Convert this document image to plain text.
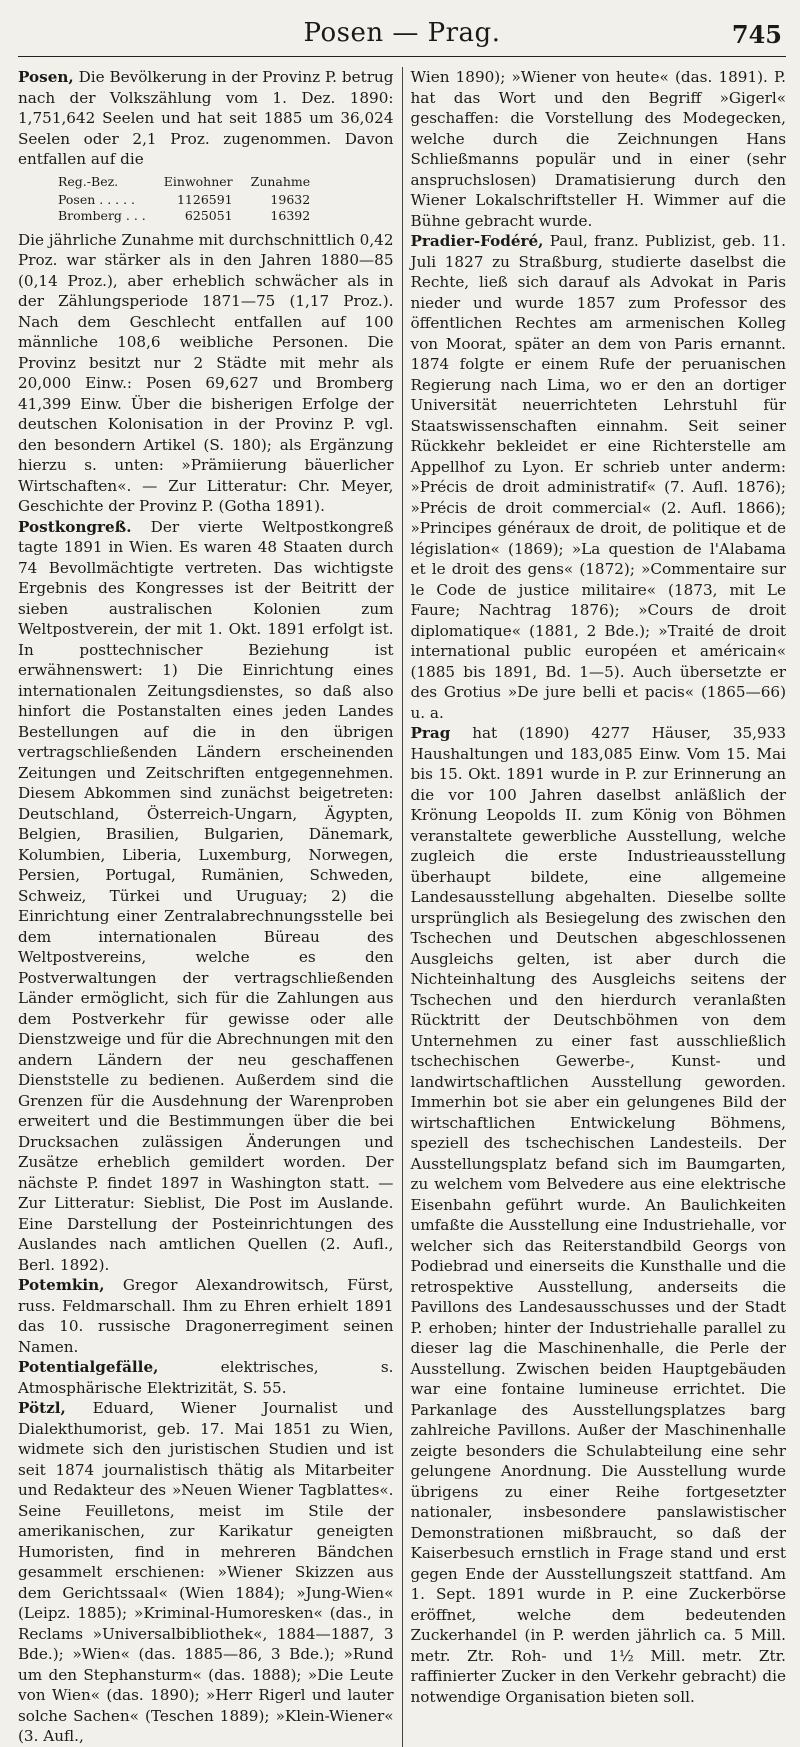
Posen — Prag.	745

Posen, Die Bevölkerung in der Provinz P. betrug nach der Volkszählung vom 1. Dez. 1890: 1,751,642 Seelen und hat seit 1885 um 36,024 Seelen oder 2,1 Proz. zugenommen. Davon entfallen auf die

Reg.-Bez.	Einwohner	Zunahme
Posen . . . . .	1126591	19632
Bromberg . . .	625051	16392

Die jährliche Zunahme mit durchschnittlich 0,42 Proz. war stärker als in den Jahren 1880—85 (0,14 Proz.), aber erheblich schwächer als in der Zählungsperiode 1871—75 (1,17 Proz.). Nach dem Geschlecht entfallen auf 100 männliche 108,6 weibliche Personen. Die Provinz besitzt nur 2 Städte mit mehr als 20,000 Einw.: Posen 69,627 und Bromberg 41,399 Einw. Über die bisherigen Erfolge der deutschen Kolonisation in der Provinz P. vgl. den besondern Artikel (S. 180); als Ergänzung hierzu s. unten: »Prämiierung bäuerlicher Wirtschaften«. — Zur Litteratur: Chr. Meyer, Geschichte der Provinz P. (Gotha 1891).

Postkongreß. Der vierte Weltpostkongreß tagte 1891 in Wien. Es waren 48 Staaten durch 74 Bevollmächtigte vertreten. Das wichtigste Ergebnis des Kongresses ist der Beitritt der sieben australischen Kolonien zum Weltpostverein, der mit 1. Okt. 1891 erfolgt ist. In posttechnischer Beziehung ist erwähnenswert: 1) Die Einrichtung eines internationalen Zeitungsdienstes, so daß also hinfort die Postanstalten eines jeden Landes Bestellungen auf die in den übrigen vertragschließenden Ländern erscheinenden Zeitungen und Zeitschriften entgegennehmen. Diesem Abkommen sind zunächst beigetreten: Deutschland, Österreich-Ungarn, Ägypten, Belgien, Brasilien, Bulgarien, Dänemark, Kolumbien, Liberia, Luxemburg, Norwegen, Persien, Portugal, Rumänien, Schweden, Schweiz, Türkei und Uruguay; 2) die Einrichtung einer Zentralabrechnungsstelle bei dem internationalen Büreau des Weltpostvereins, welche es den Postverwaltungen der vertragschließenden Länder ermöglicht, sich für die Zahlungen aus dem Postverkehr für gewisse oder alle Dienstzweige und für die Abrechnungen mit den andern Ländern der neu geschaffenen Dienststelle zu bedienen. Außerdem sind die Grenzen für die Ausdehnung der Warenproben erweitert und die Bestimmungen über die bei Drucksachen zulässigen Änderungen und Zusätze erheblich gemildert worden. Der nächste P. findet 1897 in Washington statt. — Zur Litteratur: Sieblist, Die Post im Auslande. Eine Darstellung der Posteinrichtungen des Auslandes nach amtlichen Quellen (2. Aufl., Berl. 1892).

Potemkin, Gregor Alexandrowitsch, Fürst, russ. Feldmarschall. Ihm zu Ehren erhielt 1891 das 10. russische Dragonerregiment seinen Namen.

Potentialgefälle, elektrisches, s. Atmosphärische Elektrizität, S. 55.

Pötzl, Eduard, Wiener Journalist und Dialekthumorist, geb. 17. Mai 1851 zu Wien, widmete sich den juristischen Studien und ist seit 1874 journalistisch thätig als Mitarbeiter und Redakteur des »Neuen Wiener Tagblattes«. Seine Feuilletons, meist im Stile der amerikanischen, zur Karikatur geneigten Humoristen, find in mehreren Bändchen gesammelt erschienen: »Wiener Skizzen aus dem Gerichtssaal« (Wien 1884); »Jung-Wien« (Leipz. 1885); »Kriminal-Humoresken« (das., in Reclams »Universalbibliothek«, 1884—1887, 3 Bde.); »Wien« (das. 1885—86, 3 Bde.); »Rund um den Stephansturm« (das. 1888); »Die Leute von Wien« (das. 1890); »Herr Rigerl und lauter solche Sachen« (Teschen 1889); »Klein-Wiener« (3. Aufl.,

Wien 1890); »Wiener von heute« (das. 1891). P. hat das Wort und den Begriff »Gigerl« geschaffen: die Vorstellung des Modegecken, welche durch die Zeichnungen Hans Schließmanns populär und in einer (sehr anspruchslosen) Dramatisierung durch den Wiener Lokalschriftsteller H. Wimmer auf die Bühne gebracht wurde.

Pradier-Fodéré, Paul, franz. Publizist, geb. 11. Juli 1827 zu Straßburg, studierte daselbst die Rechte, ließ sich darauf als Advokat in Paris nieder und wurde 1857 zum Professor des öffentlichen Rechtes am armenischen Kolleg von Moorat, später an dem von Paris ernannt. 1874 folgte er einem Rufe der peruanischen Regierung nach Lima, wo er den an dortiger Universität neuerrichteten Lehrstuhl für Staatswissenschaften einnahm. Seit seiner Rückkehr bekleidet er eine Richterstelle am Appellhof zu Lyon. Er schrieb unter anderm: »Précis de droit administratif« (7. Aufl. 1876); »Précis de droit commercial« (2. Aufl. 1866); »Principes généraux de droit, de politique et de législation« (1869); »La question de l'Alabama et le droit des gens« (1872); »Commentaire sur le Code de justice militaire« (1873, mit Le Faure; Nachtrag 1876); »Cours de droit diplomatique« (1881, 2 Bde.); »Traité de droit international public européen et américain« (1885 bis 1891, Bd. 1—5). Auch übersetzte er des Grotius »De jure belli et pacis« (1865—66) u. a.

Prag hat (1890) 4277 Häuser, 35,933 Haushaltungen und 183,085 Einw. Vom 15. Mai bis 15. Okt. 1891 wurde in P. zur Erinnerung an die vor 100 Jahren daselbst anläßlich der Krönung Leopolds II. zum König von Böhmen veranstaltete gewerbliche Ausstellung, welche zugleich die erste Industrieausstellung überhaupt bildete, eine allgemeine Landesausstellung abgehalten. Dieselbe sollte ursprünglich als Besiegelung des zwischen den Tschechen und Deutschen abgeschlossenen Ausgleichs gelten, ist aber durch die Nichteinhaltung des Ausgleichs seitens der Tschechen und den hierdurch veranlaßten Rücktritt der Deutschböhmen von dem Unternehmen zu einer fast ausschließlich tschechischen Gewerbe-, Kunst- und landwirtschaftlichen Ausstellung geworden. Immerhin bot sie aber ein gelungenes Bild der wirtschaftlichen Entwickelung Böhmens, speziell des tschechischen Landesteils. Der Ausstellungsplatz befand sich im Baumgarten, zu welchem vom Belvedere aus eine elektrische Eisenbahn geführt wurde. An Baulichkeiten umfaßte die Ausstellung eine Industriehalle, vor welcher sich das Reiterstandbild Georgs von Podiebrad und einerseits die Kunsthalle und die retrospektive Ausstellung, anderseits die Pavillons des Landesausschusses und der Stadt P. erhoben; hinter der Industriehalle parallel zu dieser lag die Maschinenhalle, die Perle der Ausstellung. Zwischen beiden Hauptgebäuden war eine fontaine lumineuse errichtet. Die Parkanlage des Ausstellungsplatzes barg zahlreiche Pavillons. Außer der Maschinenhalle zeigte besonders die Schulabteilung eine sehr gelungene Anordnung. Die Ausstellung wurde übrigens zu einer Reihe fortgesetzter nationaler, insbesondere panslawistischer Demonstrationen mißbraucht, so daß der Kaiserbesuch ernstlich in Frage stand und erst gegen Ende der Ausstellungszeit stattfand. Am 1. Sept. 1891 wurde in P. eine Zuckerbörse eröffnet, welche dem bedeutenden Zuckerhandel (in P. werden jährlich ca. 5 Mill. metr. Ztr. Roh- und 1½ Mill. metr. Ztr. raffinierter Zucker in den Verkehr gebracht) die notwendige Organisation bieten soll.
